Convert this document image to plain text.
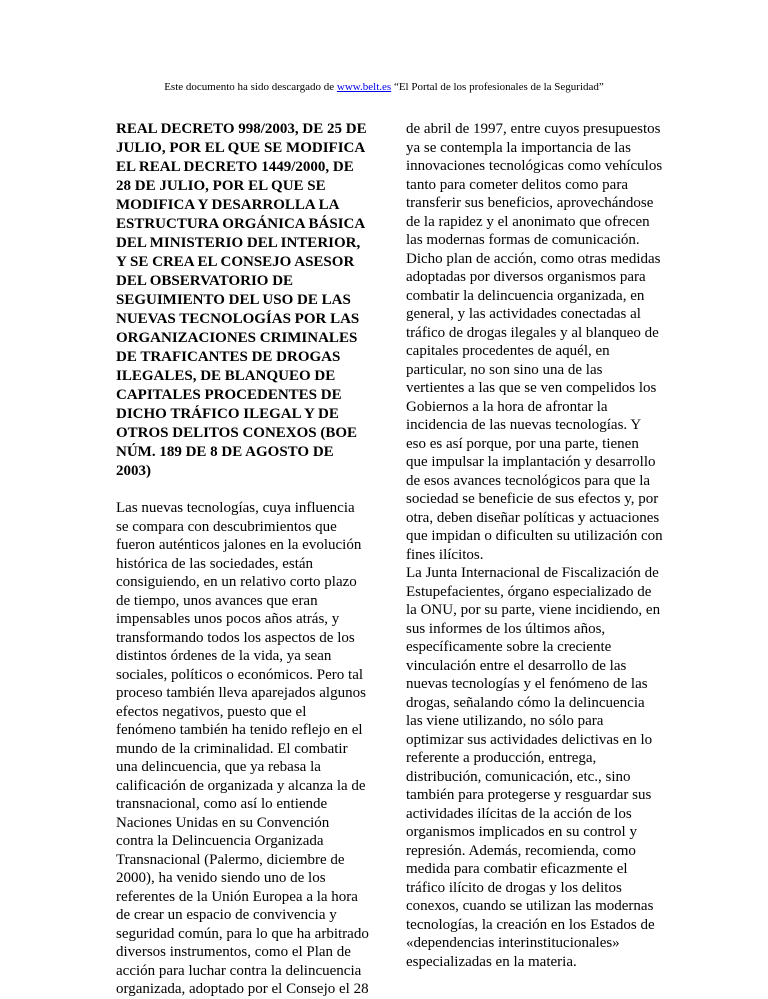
Este documento ha sido descargado de www.belt.es “El Portal de los profesionales de la Seguridad”

REAL DECRETO 998/2003, DE 25 DE JULIO, POR EL QUE SE MODIFICA EL REAL DECRETO 1449/2000, DE 28 DE JULIO, POR EL QUE SE MODIFICA Y DESARROLLA LA ESTRUCTURA ORGÁNICA BÁSICA DEL MINISTERIO DEL INTERIOR, Y SE CREA EL CONSEJO ASESOR DEL OBSERVATORIO DE SEGUIMIENTO DEL USO DE LAS NUEVAS TECNOLOGÍAS POR LAS ORGANIZACIONES CRIMINALES DE TRAFICANTES DE DROGAS ILEGALES, DE BLANQUEO DE CAPITALES PROCEDENTES DE DICHO TRÁFICO ILEGAL Y DE OTROS DELITOS CONEXOS (BOE NÚM. 189 DE 8 DE AGOSTO DE 2003)

Las nuevas tecnologías, cuya influencia se compara con descubrimientos que fueron auténticos jalones en la evolución histórica de las sociedades, están consiguiendo, en un relativo corto plazo de tiempo, unos avances que eran impensables unos pocos años atrás, y transformando todos los aspectos de los distintos órdenes de la vida, ya sean sociales, políticos o económicos. Pero tal proceso también lleva aparejados algunos efectos negativos, puesto que el fenómeno también ha tenido reflejo en el mundo de la criminalidad. El combatir una delincuencia, que ya rebasa la calificación de organizada y alcanza la de transnacional, como así lo entiende Naciones Unidas en su Convención contra la Delincuencia Organizada Transnacional (Palermo, diciembre de 2000), ha venido siendo uno de los referentes de la Unión Europea a la hora de crear un espacio de convivencia y seguridad común, para lo que ha arbitrado diversos instrumentos, como el Plan de acción para luchar contra la delincuencia organizada, adoptado por el Consejo el 28

de abril de 1997, entre cuyos presupuestos ya se contempla la importancia de las innovaciones tecnológicas como vehículos tanto para cometer delitos como para transferir sus beneficios, aprovechándose de la rapidez y el anonimato que ofrecen las modernas formas de comunicación. Dicho plan de acción, como otras medidas adoptadas por diversos organismos para combatir la delincuencia organizada, en general, y las actividades conectadas al tráfico de drogas ilegales y al blanqueo de capitales procedentes de aquél, en particular, no son sino una de las vertientes a las que se ven compelidos los Gobiernos a la hora de afrontar la incidencia de las nuevas tecnologías. Y eso es así porque, por una parte, tienen que impulsar la implantación y desarrollo de esos avances tecnológicos para que la sociedad se beneficie de sus efectos y, por otra, deben diseñar políticas y actuaciones que impidan o dificulten su utilización con fines ilícitos.

La Junta Internacional de Fiscalización de Estupefacientes, órgano especializado de la ONU, por su parte, viene incidiendo, en sus informes de los últimos años, específicamente sobre la creciente vinculación entre el desarrollo de las nuevas tecnologías y el fenómeno de las drogas, señalando cómo la delincuencia las viene utilizando, no sólo para optimizar sus actividades delictivas en lo referente a producción, entrega, distribución, comunicación, etc., sino también para protegerse y resguardar sus actividades ilícitas de la acción de los organismos implicados en su control y represión. Además, recomienda, como medida para combatir eficazmente el tráfico ilícito de drogas y los delitos conexos, cuando se utilizan las modernas tecnologías, la creación en los Estados de «dependencias interinstitucionales» especializadas en la materia.
